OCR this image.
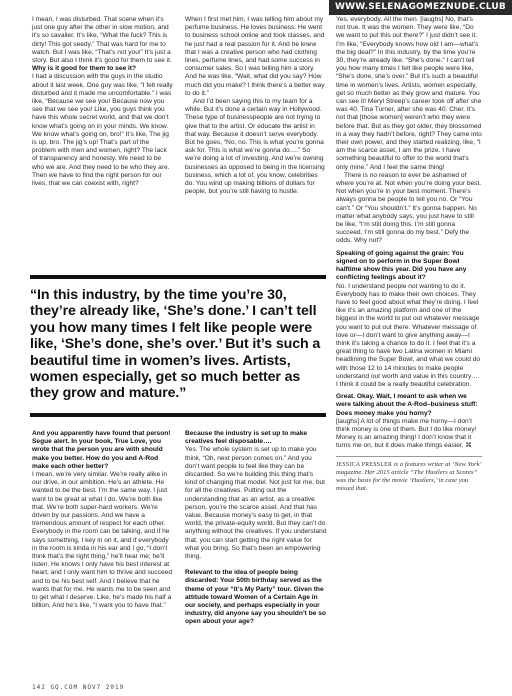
WWW.SELENAGOMEZNUDE.CLUB

I mean, I was disturbed. That scene when it’s just one guy after the other in slow motion, and it’s so cavalier. It’s like, “What the fuck? This is dirty! This got seedy.” That was hard for me to watch. But I was like, “That’s not you!” It’s just a story. But also I think it’s good for them to see it.

Why is it good for them to see it?

I had a discussion with the guys in the studio about it last week. One guy was like, “I felt really disturbed and it made me uncomfortable.” I was like, “Because we see you! Because now you see that we see you! Like, you guys think you have this whole secret world, and that we don’t know what’s going on in your minds. We know. We know what’s going on, bro!” It’s like, The jig is up, bro. The jig’s up! That’s part of the problem with men and women, right? The lack of transparency and honesty. We need to be who we are. And they need to be who they are. Then we have to find the right person for our lives, that we can coexist with, right?

When I first met him, I was telling him about my perfume business. He loves business. He went to business school online and took classes, and he just had a real passion for it. And he knew that I was a creative person who had clothing lines, perfume lines, and had some success in consumer sales. So I was telling him a story. And he was like, “Wait, what did you say? How much did you make? I think there’s a better way to do it.”

And I’d been saying this to my team for a while. But it’s done a certain way in Hollywood. These type of businesspeople are not trying to give that to the artist. Or educate the artist in that way. Because it doesn’t serve everybody. But he goes, “No, no. This is what you’re gonna ask for. This is what we’re gonna do….” So we’re doing a lot of investing. And we’re owning businesses as opposed to being in the licensing business, which a lot of, you know, celebrities do. You wind up making billions of dollars for people, but you’re still having to hustle.

Yes, everybody. All the men. [laughs] No, that’s not true. It was the women. They were like, “Do we want to put this out there?” I just didn’t see it. I’m like, “Everybody knows how old I am—what’s the big deal?” In this industry, by the time you’re 30, they’re already like, “She’s done.” I can’t tell you how many times I felt like people were like, “She’s done, she’s over.” But it’s such a beautiful time in women’s lives. Artists, women especially, get so much better as they grow and mature. You can see it! Meryl Streep’s career took off after she was 40. Tina Turner, after she was 40. Cher. It’s not that [those women] weren’t who they were before that. But as they got older, they blossomed in a way they hadn’t before, right? They came into their own power, and they started realizing, like, “I am the scarce asset, I am the prize. I have something beautiful to offer to the world that’s only mine.” And I feel the same thing!

There is no reason to ever be ashamed of where you’re at. Not when you’re doing your best. Not when you’re in your best moment. There’s always gonna be people to tell you no. Or “You can’t.” Or “You shouldn’t.” It’s gonna happen. No matter what anybody says, you just have to still be like, “I’m still doing this. I’m still gonna succeed. I’m still gonna do my best.” Defy the odds. Why not?

Speaking of going against the grain: You signed on to perform in the Super Bowl halftime show this year. Did you have any conflicting feelings about it?

No. I understand people not wanting to do it. Everybody has to make their own choices. They have to feel good about what they’re doing. I feel like it’s an amazing platform and one of the biggest in the world to put out whatever message you want to put out there. Whatever message of love or—I don’t want to give anything away—I think it’s taking a chance to do it. I feel that it’s a great thing to have two Latina women in Miami headlining the Super Bowl, and what we could do with those 12 to 14 minutes to make people understand our worth and value in this country…. I think it could be a really beautiful celebration.

Great. Okay. Wait, I meant to ask when we were talking about the A-Rod–business stuff: Does money make you horny?

[laughs] A lot of things make me horny—I don’t think money is one of them. But I do like money! Money is an amazing thing! I don’t know that it turns me on, but it does make things easier. ⌘

JESSICA PRESSLER is a features writer at ‘New York’ magazine. Her 2015 article “The Hustlers at Scores” was the basis for the movie ‘Hustlers,’ in case you missed that.

“In this industry, by the time you’re 30, they’re already like, ‘She’s done.’ I can’t tell you how many times I felt like people were like, ‘She’s done, she’s over.’ But it’s such a beautiful time in women’s lives. Artists, women especially, get so much better as they grow and mature.”

And you apparently have found that person! Segue alert. In your book, True Love, you wrote that the person you are with should make you better. How do you and A-Rod make each other better?

I mean, we’re very similar. We’re really alike in our drive, in our ambition. He’s an athlete. He wanted to be the best. I’m the same way. I just want to be great at what I do. We’re both like that. We’re both super-hard workers. We’re driven by our passions. And we have a tremendous amount of respect for each other. Everybody in the room can be talking, and if he says something, I key in on it, and if everybody in the room is kinda in his ear and I go, “I don’t think that’s the right thing,” he’ll hear me; he’ll listen. He knows I only have his best interest at heart, and I only want him to thrive and succeed and to be his best self. And I believe that he wants that for me. He wants me to be seen and to get what I deserve. Like, he’s made his half a billion. And he’s like, “I want you to have that.”

Because the industry is set up to make creatives feel disposable….

Yes. The whole system is set up to make you think, “Oh, next person comes on.” And you don’t want people to feel like they can be discarded. So we’re building this thing that’s kind of changing that model. Not just for me, but for all the creatives. Putting out the understanding that as an artist, as a creative person, you’re the scarce asset. And that has value. Because money’s easy to get, in that world, the private-equity world. But they can’t do anything without the creatives. If you understand that, you can start getting the right value for what you bring. So that’s been an empowering thing.

Relevant to the idea of people being discarded: Your 50th birthday served as the theme of your “It’s My Party” tour. Given the attitude toward Women of a Certain Age in our society, and perhaps especially in your industry, did anyone say you shouldn’t be so open about your age?

142 GQ.COM NOV7 2019
